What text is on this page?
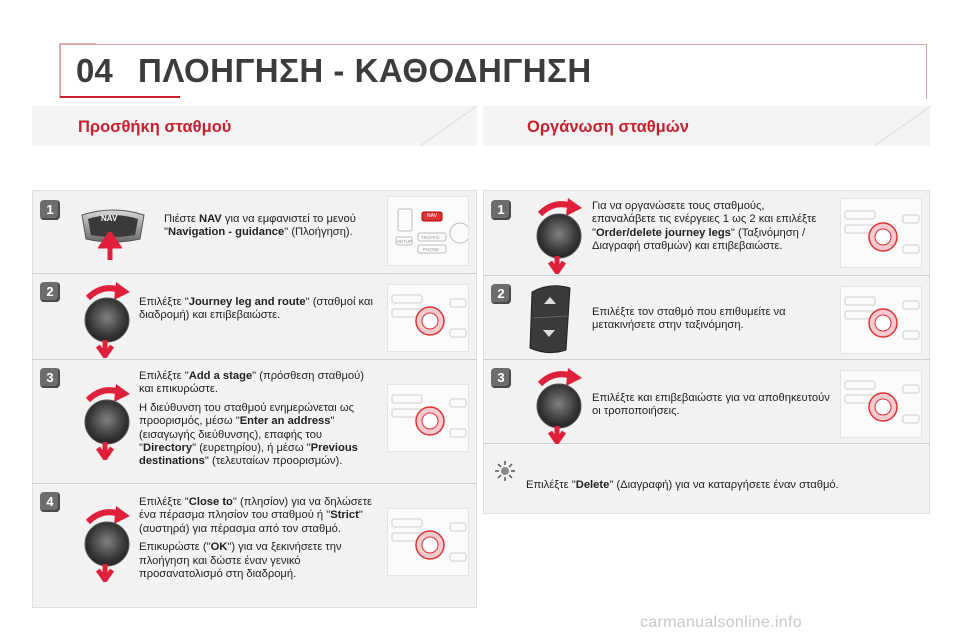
04 ΠΛΟΗΓΗΣΗ - ΚΑΘΟΔΗΓΗΣΗ
Προσθήκη σταθμού	Οργάνωση σταθμών
1
NAV	Πιέστε NAV για να εμφανιστεί το μενού "Navigation - guidance" (Πλοήγηση).
NAV
TRAFFIC
PHONE
SETUP
2
Επιλέξτε "Journey leg and route" (σταθμοί και διαδρομή) και επιβεβαιώστε.
3	Επιλέξτε "Add a stage" (πρόσθεση σταθμού) και επικυρώστε.

Η διεύθυνση του σταθμού ενημερώνεται ως προορισμός, μέσω "Enter an address" (εισαγωγής διεύθυνσης), επαφής του "Directory" (ευρετηρίου), ή μέσω "Previous destinations" (τελευταίων προορισμών).

4	Επιλέξτε "Close to" (πλησίον) για να δηλώσετε ένα πέρασμα πλησίον του σταθμού ή "Strict" (αυστηρά) για πέρασμα από τον σταθμό.

Επικυρώστε ("OK") για να ξεκινήσετε την πλοήγηση και δώστε έναν γενικό προσανατολισμό στη διαδρομή.

1	Για να οργανώσετε τους σταθμούς, επαναλάβετε τις ενέργειες 1 ως 2 και επιλέξτε "Order/delete journey legs" (Ταξινόμηση / Διαγραφή σταθμών) και επιβεβαιώστε.
2
Επιλέξτε τον σταθμό που επιθυμείτε να μετακινήσετε στην ταξινόμηση.
3
Επιλέξτε και επιβεβαιώστε για να αποθηκευτούν οι τροποποιήσεις.
Επιλέξτε "Delete" (Διαγραφή) για να καταργήσετε έναν σταθμό.
carmanualsonline.info
